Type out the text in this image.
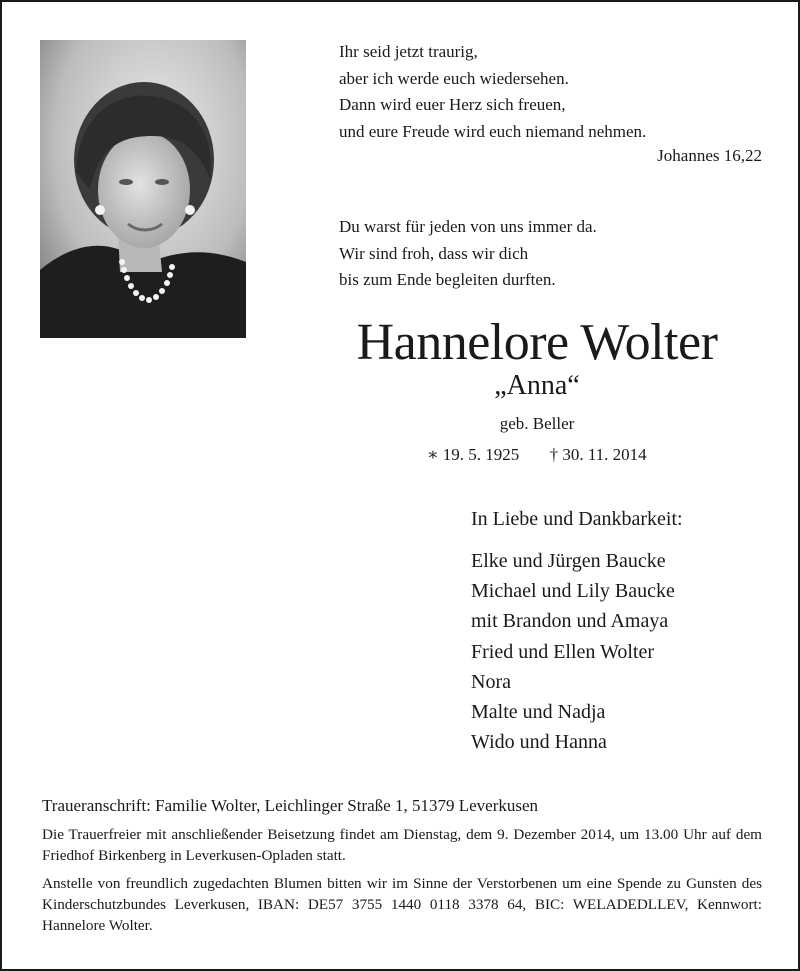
Ihr seid jetzt traurig,
aber ich werde euch wiedersehen.
Dann wird euer Herz sich freuen,
und eure Freude wird euch niemand nehmen.
Johannes 16,22
Du warst für jeden von uns immer da.
Wir sind froh, dass wir dich
bis zum Ende begleiten durften.
Hannelore Wolter
„Anna“
geb. Beller
∗ 19. 5. 1925 † 30. 11. 2014
In Liebe und Dankbarkeit:
Elke und Jürgen Baucke
Michael und Lily Baucke
mit Brandon und Amaya
Fried und Ellen Wolter
Nora
Malte und Nadja
Wido und Hanna
Traueranschrift: Familie Wolter, Leichlinger Straße 1, 51379 Leverkusen
Die Trauerfreier mit anschließender Beisetzung findet am Dienstag, dem 9. Dezember 2014, um 13.00 Uhr auf dem Friedhof Birkenberg in Leverkusen-Opladen statt.
Anstelle von freundlich zugedachten Blumen bitten wir im Sinne der Verstorbenen um eine Spende zu Gunsten des Kinderschutzbundes Leverkusen, IBAN: DE57 3755 1440 0118 3378 64, BIC: WELADEDLLEV, Kennwort: Hannelore Wolter.
